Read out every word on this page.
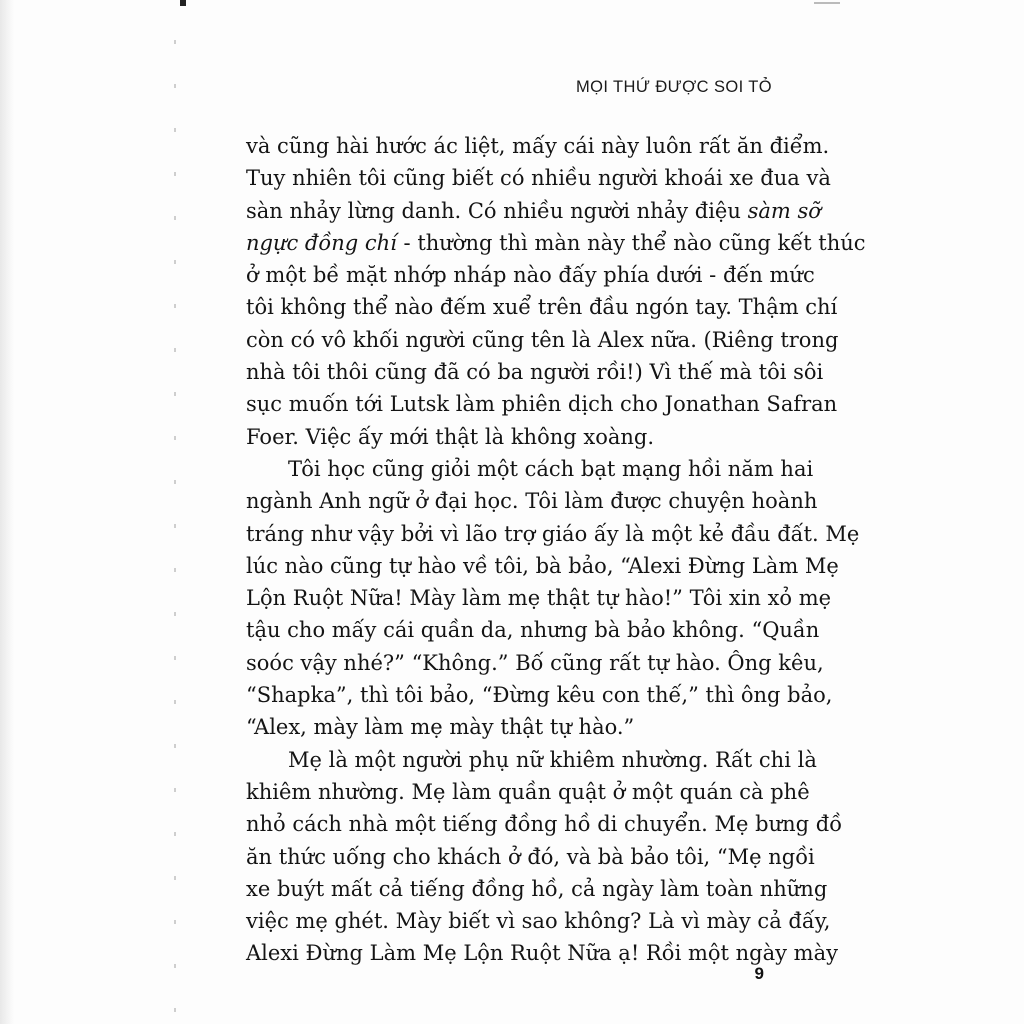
MỌI THỨ ĐƯỢC SOI TỎ
và cũng hài hước ác liệt, mấy cái này luôn rất ăn điểm.
Tuy nhiên tôi cũng biết có nhiều người khoái xe đua và
sàn nhảy lừng danh. Có nhiều người nhảy điệu sàm sỡ
ngực đồng chí - thường thì màn này thể nào cũng kết thúc
ở một bề mặt nhớp nháp nào đấy phía dưới - đến mức
tôi không thể nào đếm xuể trên đầu ngón tay. Thậm chí
còn có vô khối người cũng tên là Alex nữa. (Riêng trong
nhà tôi thôi cũng đã có ba người rồi!) Vì thế mà tôi sôi
sục muốn tới Lutsk làm phiên dịch cho Jonathan Safran
Foer. Việc ấy mới thật là không xoàng.
Tôi học cũng giỏi một cách bạt mạng hồi năm hai
ngành Anh ngữ ở đại học. Tôi làm được chuyện hoành
tráng như vậy bởi vì lão trợ giáo ấy là một kẻ đầu đất. Mẹ
lúc nào cũng tự hào về tôi, bà bảo, “Alexi Đừng Làm Mẹ
Lộn Ruột Nữa! Mày làm mẹ thật tự hào!” Tôi xin xỏ mẹ
tậu cho mấy cái quần da, nhưng bà bảo không. “Quần
soóc vậy nhé?” “Không.” Bố cũng rất tự hào. Ông kêu,
“Shapka”, thì tôi bảo, “Đừng kêu con thế,” thì ông bảo,
“Alex, mày làm mẹ mày thật tự hào.”
Mẹ là một người phụ nữ khiêm nhường. Rất chi là
khiêm nhường. Mẹ làm quần quật ở một quán cà phê
nhỏ cách nhà một tiếng đồng hồ di chuyển. Mẹ bưng đồ
ăn thức uống cho khách ở đó, và bà bảo tôi, “Mẹ ngồi
xe buýt mất cả tiếng đồng hồ, cả ngày làm toàn những
việc mẹ ghét. Mày biết vì sao không? Là vì mày cả đấy,
Alexi Đừng Làm Mẹ Lộn Ruột Nữa ạ! Rồi một ngày mày
9
